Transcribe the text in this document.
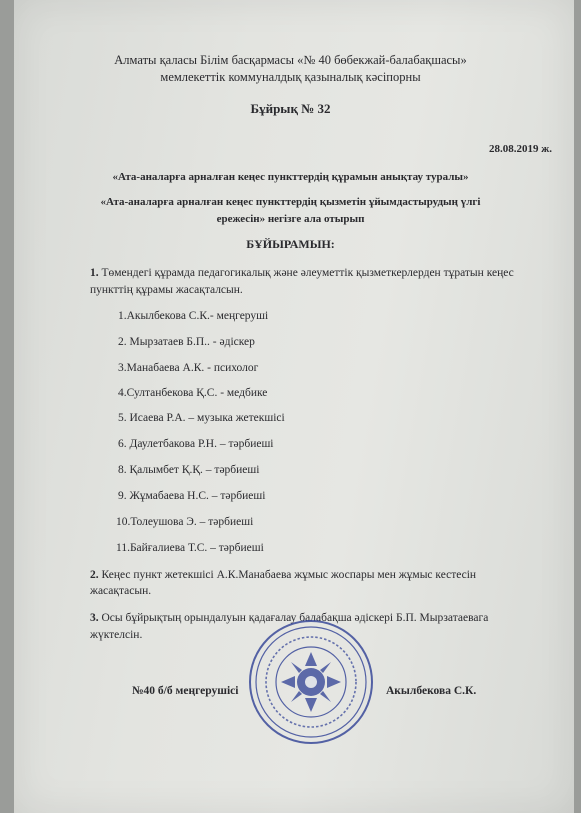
Алматы қаласы Білім басқармасы «№ 40 бөбекжай-балабақшасы»
мемлекеттік коммуналдық қазыналық кәсіпорны
Бұйрық № 32
28.08.2019 ж.
«Ата-аналарға арналған кеңес пункттердің құрамын анықтау туралы»
«Ата-аналарға арналған кеңес пункттердің қызметін ұйымдастырудың үлгі
ережесін» негізге ала отырып
БҰЙЫРАМЫН:
1. Төмендегі құрамда педагогикалық және әлеуметтік қызметкерлерден тұратын кеңес
пункттің құрамы жасақталсын.
1.Акылбекова С.К.- меңгеруші
2. Мырзатаев Б.П.. - әдіскер
3.Манабаева А.К. - психолог
4.Султанбекова Қ.С. - медбике
5. Исаева Р.А. – музыка жетекшісі
6. Даулетбакова Р.Н. – тәрбиеші
8. Қалымбет Қ.Қ. – тәрбиеші
9. Жұмабаева Н.С. – тәрбиеші
10.Толеушова Э. – тәрбиеші
11.Байғалиева Т.С. – тәрбиеші
2. Кеңес пункт жетекшісі А.К.Манабаева жұмыс жоспары мен жұмыс кестесін
жасақтасын.
3. Осы бұйрықтың орындалуын қадағалау балабақша әдіскері Б.П. Мырзатаевага
жүктелсін.
№40 б/б меңгерушісі	Акылбекова С.К.
